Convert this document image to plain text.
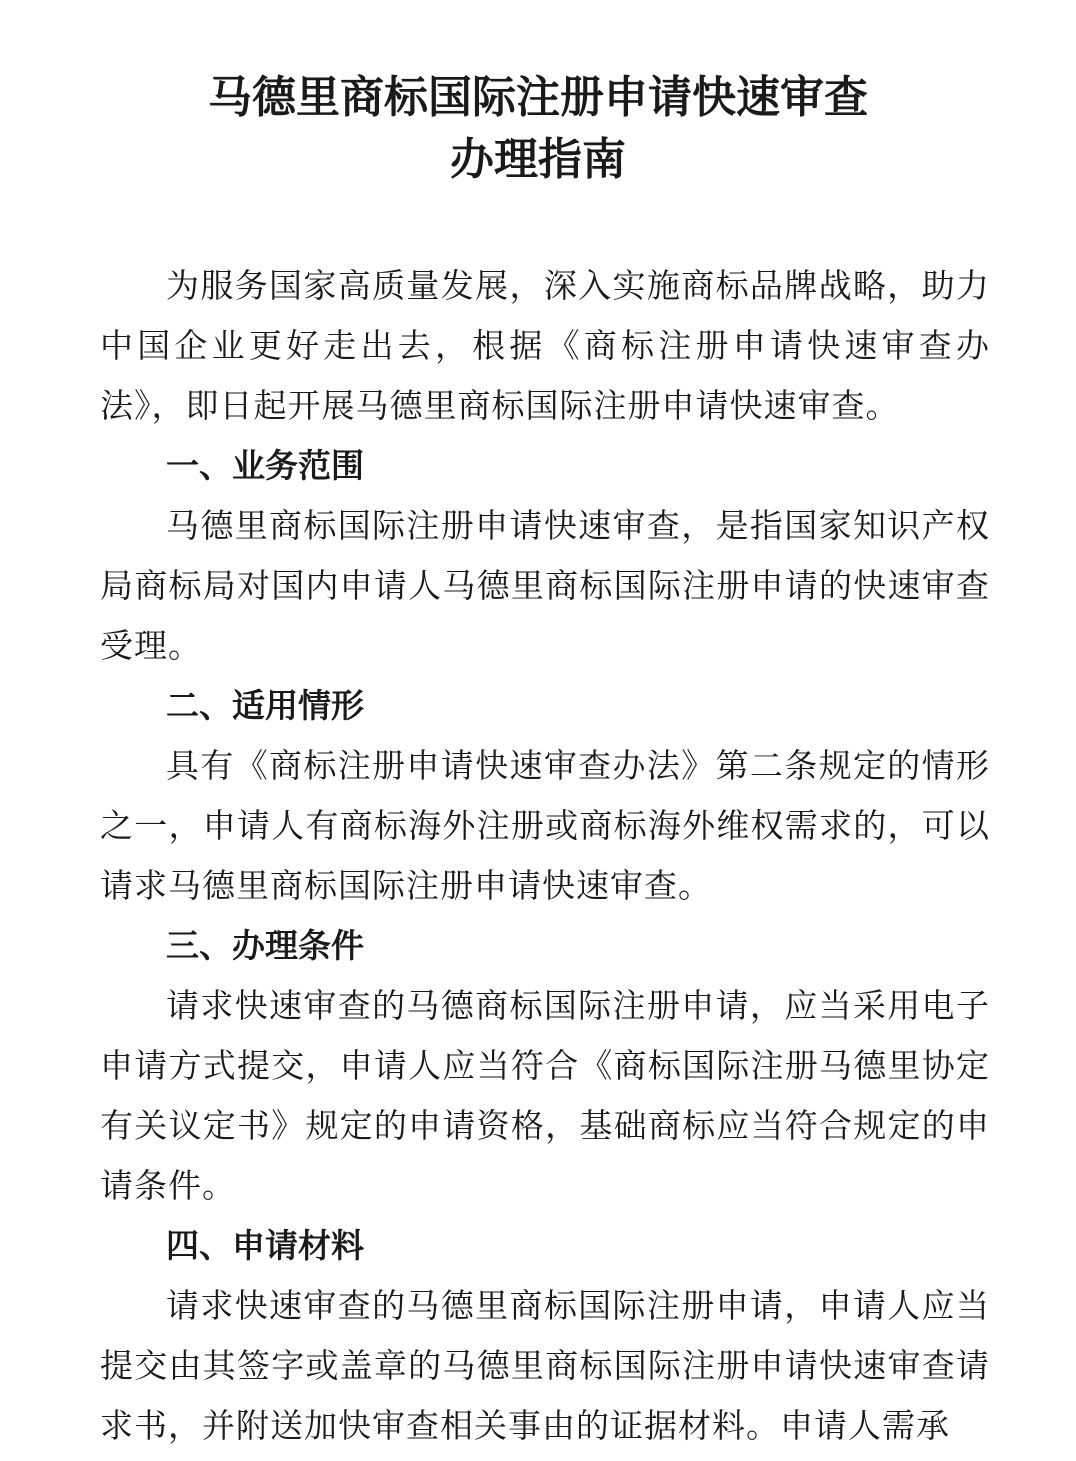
马德里商标国际注册申请快速审查
办理指南

为服务国家高质量发展，深入实施商标品牌战略，助力中国企业更好走出去，根据《商标注册申请快速审查办法》，即日起开展马德里商标国际注册申请快速审查。

一、业务范围

马德里商标国际注册申请快速审查，是指国家知识产权局商标局对国内申请人马德里商标国际注册申请的快速审查受理。

二、适用情形

具有《商标注册申请快速审查办法》第二条规定的情形之一，申请人有商标海外注册或商标海外维权需求的，可以请求马德里商标国际注册申请快速审查。

三、办理条件

请求快速审查的马德商标国际注册申请，应当采用电子申请方式提交，申请人应当符合《商标国际注册马德里协定有关议定书》规定的申请资格，基础商标应当符合规定的申请条件。

四、申请材料

请求快速审查的马德里商标国际注册申请，申请人应当提交由其签字或盖章的马德里商标国际注册申请快速审查请求书，并附送加快审查相关事由的证据材料。申请人需承
